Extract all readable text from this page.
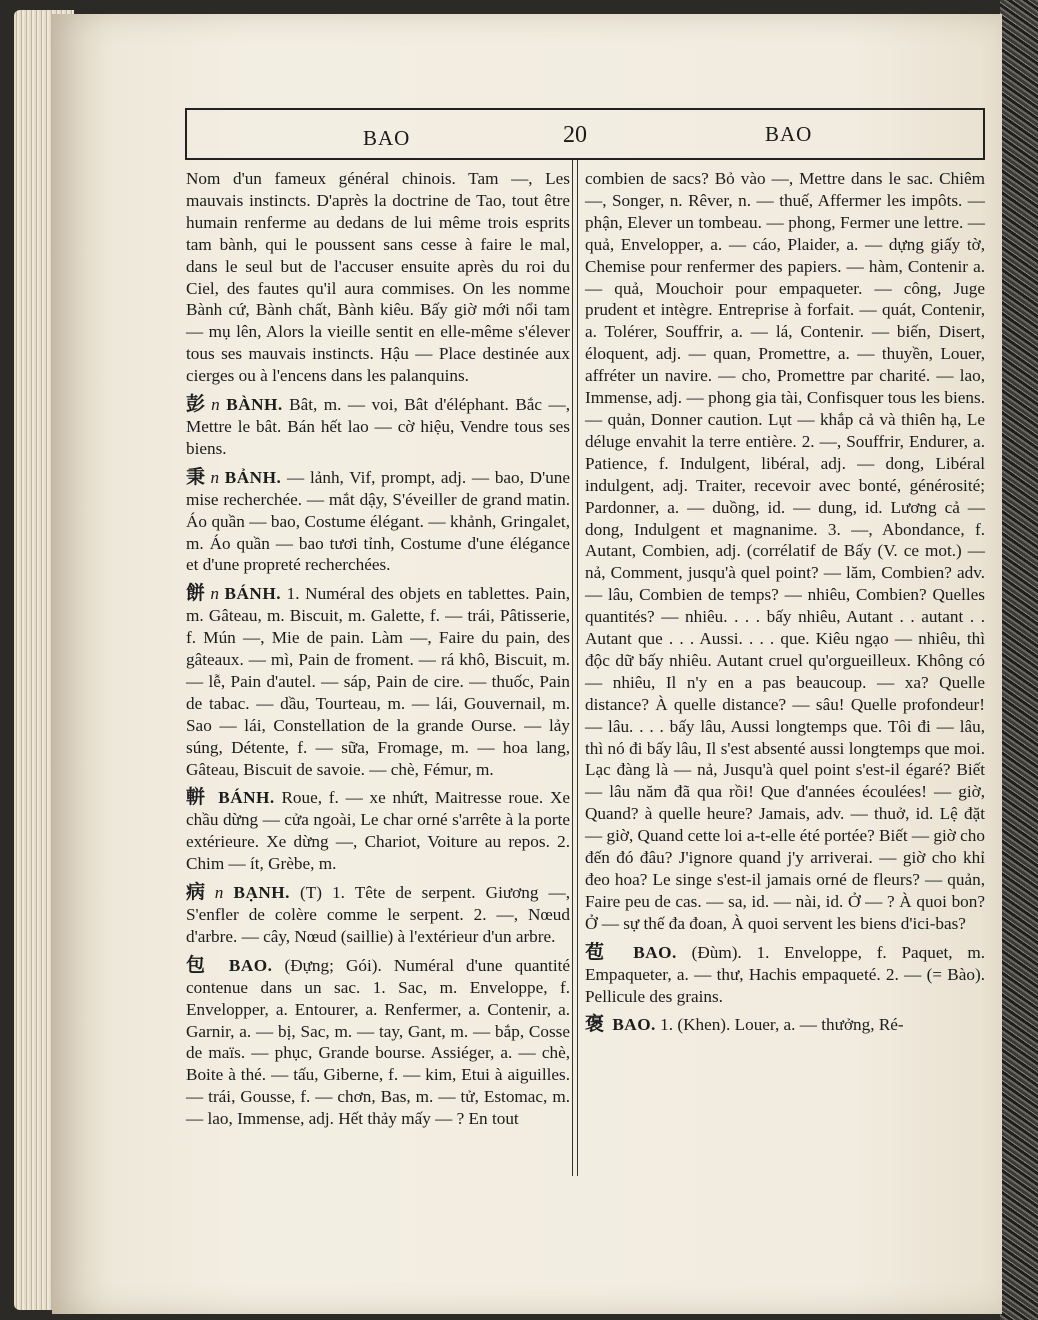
BAO	20	BAO

Nom d'un fameux général chinois. Tam —, Les mauvais instincts. D'après la doctrine de Tao, tout être humain renferme au dedans de lui même trois esprits tam bành, qui le poussent sans cesse à faire le mal, dans le seul but de l'accuser ensuite après du roi du Ciel, des fautes qu'il aura commises. On les nomme Bành cứ, Bành chất, Bành kiêu. Bấy giờ mới nổi tam — mụ lên, Alors la vieille sentit en elle-même s'élever tous ses mauvais instincts. Hậu — Place destinée aux cierges ou à l'encens dans les palanquins.

彭 n BÀNH. Bât, m. — voi, Bât d'éléphant. Bắc —, Mettre le bât. Bán hết lao — cờ hiệu, Vendre tous ses biens.

秉 n BẢNH. — lảnh, Vif, prompt, adj. — bao, D'une mise recherchée. — mắt dậy, S'éveiller de grand matin. Áo quần — bao, Costume élégant. — khảnh, Gringalet, m. Áo quần — bao tươi tỉnh, Costume d'une élégance et d'une propreté recherchées.

餅 n BÁNH. 1. Numéral des objets en tablettes. Pain, m. Gâteau, m. Biscuit, m. Galette, f. — trái, Pâtisserie, f. Mún —, Mie de pain. Làm —, Faire du pain, des gâteaux. — mì, Pain de froment. — rá khô, Biscuit, m. — lễ, Pain d'autel. — sáp, Pain de cire. — thuốc, Pain de tabac. — dầu, Tourteau, m. — lái, Gouvernail, m. Sao — lái, Constellation de la grande Ourse. — lảy súng, Détente, f. — sữa, Fromage, m. — hoa lang, Gâteau, Biscuit de savoie. — chè, Fémur, m.

軿 BÁNH. Roue, f. — xe nhứt, Maitresse roue. Xe chầu dừng — cửa ngoài, Le char orné s'arrête à la porte extérieure. Xe dừng —, Chariot, Voiture au repos. 2. Chim — ít, Grèbe, m.

病 n BẠNH. (T) 1. Tête de serpent. Giương —, S'enfler de colère comme le serpent. 2. —, Nœud d'arbre. — cây, Nœud (saillie) à l'extérieur d'un arbre.

包 BAO. (Đựng; Gói). Numéral d'une quantité contenue dans un sac. 1. Sac, m. Enveloppe, f. Envelopper, a. Entourer, a. Renfermer, a. Contenir, a. Garnir, a. — bị, Sac, m. — tay, Gant, m. — bắp, Cosse de maïs. — phục, Grande bourse. Assiéger, a. — chè, Boite à thé. — tấu, Giberne, f. — kim, Etui à aiguilles. — trái, Gousse, f. — chơn, Bas, m. — tử, Estomac, m. — lao, Immense, adj. Hết thảy mấy — ? En tout

combien de sacs? Bỏ vào —, Mettre dans le sac. Chiêm —, Songer, n. Rêver, n. — thuế, Affermer les impôts. — phận, Elever un tombeau. — phong, Fermer une lettre. — quả, Envelopper, a. — cáo, Plaider, a. — dựng giấy tờ, Chemise pour renfermer des papiers. — hàm, Contenir a. — quả, Mouchoir pour empaqueter. — công, Juge prudent et intègre. Entreprise à forfait. — quát, Contenir, a. Tolérer, Souffrir, a. — lá, Contenir. — biến, Disert, éloquent, adj. — quan, Promettre, a. — thuyền, Louer, affréter un navire. — cho, Promettre par charité. — lao, Immense, adj. — phong gia tài, Confisquer tous les biens. — quản, Donner caution. Lụt — khắp cả và thiên hạ, Le déluge envahit la terre entière. 2. —, Souffrir, Endurer, a. Patience, f. Indulgent, libéral, adj. — dong, Libéral indulgent, adj. Traiter, recevoir avec bonté, générosité; Pardonner, a. — duồng, id. — dung, id. Lương cả — dong, Indulgent et magnanime. 3. —, Abondance, f. Autant, Combien, adj. (corrélatif de Bấy (V. ce mot.) — nả, Comment, jusqu'à quel point? — lăm, Combien? adv. — lâu, Combien de temps? — nhiêu, Combien? Quelles quantités? — nhiêu. . . . bấy nhiêu, Autant . . autant . . Autant que . . . Aussi. . . . que. Kiêu ngạo — nhiêu, thì độc dữ bấy nhiêu. Autant cruel qu'orgueilleux. Không có — nhiêu, Il n'y en a pas beaucoup. — xa? Quelle distance? À quelle distance? — sâu! Quelle profondeur! — lâu. . . . bấy lâu, Aussi longtemps que. Tôi đi — lâu, thì nó đi bấy lâu, Il s'est absenté aussi longtemps que moi. Lạc đàng là — nả, Jusqu'à quel point s'est-il égaré? Biết — lâu năm đã qua rồi! Que d'années écoulées! — giờ, Quand? à quelle heure? Jamais, adv. — thuở, id. Lệ đặt — giờ, Quand cette loi a-t-elle été portée? Biết — giờ cho đến đó đâu? J'ignore quand j'y arriverai. — giờ cho khỉ đeo hoa? Le singe s'est-il jamais orné de fleurs? — quản, Faire peu de cas. — sa, id. — nài, id. Ở — ? À quoi bon? Ở — sự thế đa đoan, À quoi servent les biens d'ici-bas?

苞 BAO. (Đùm). 1. Enveloppe, f. Paquet, m. Empaqueter, a. — thư, Hachis empaqueté. 2. — (= Bào). Pellicule des grains.

褒 BAO. 1. (Khen). Louer, a. — thưởng, Ré-
